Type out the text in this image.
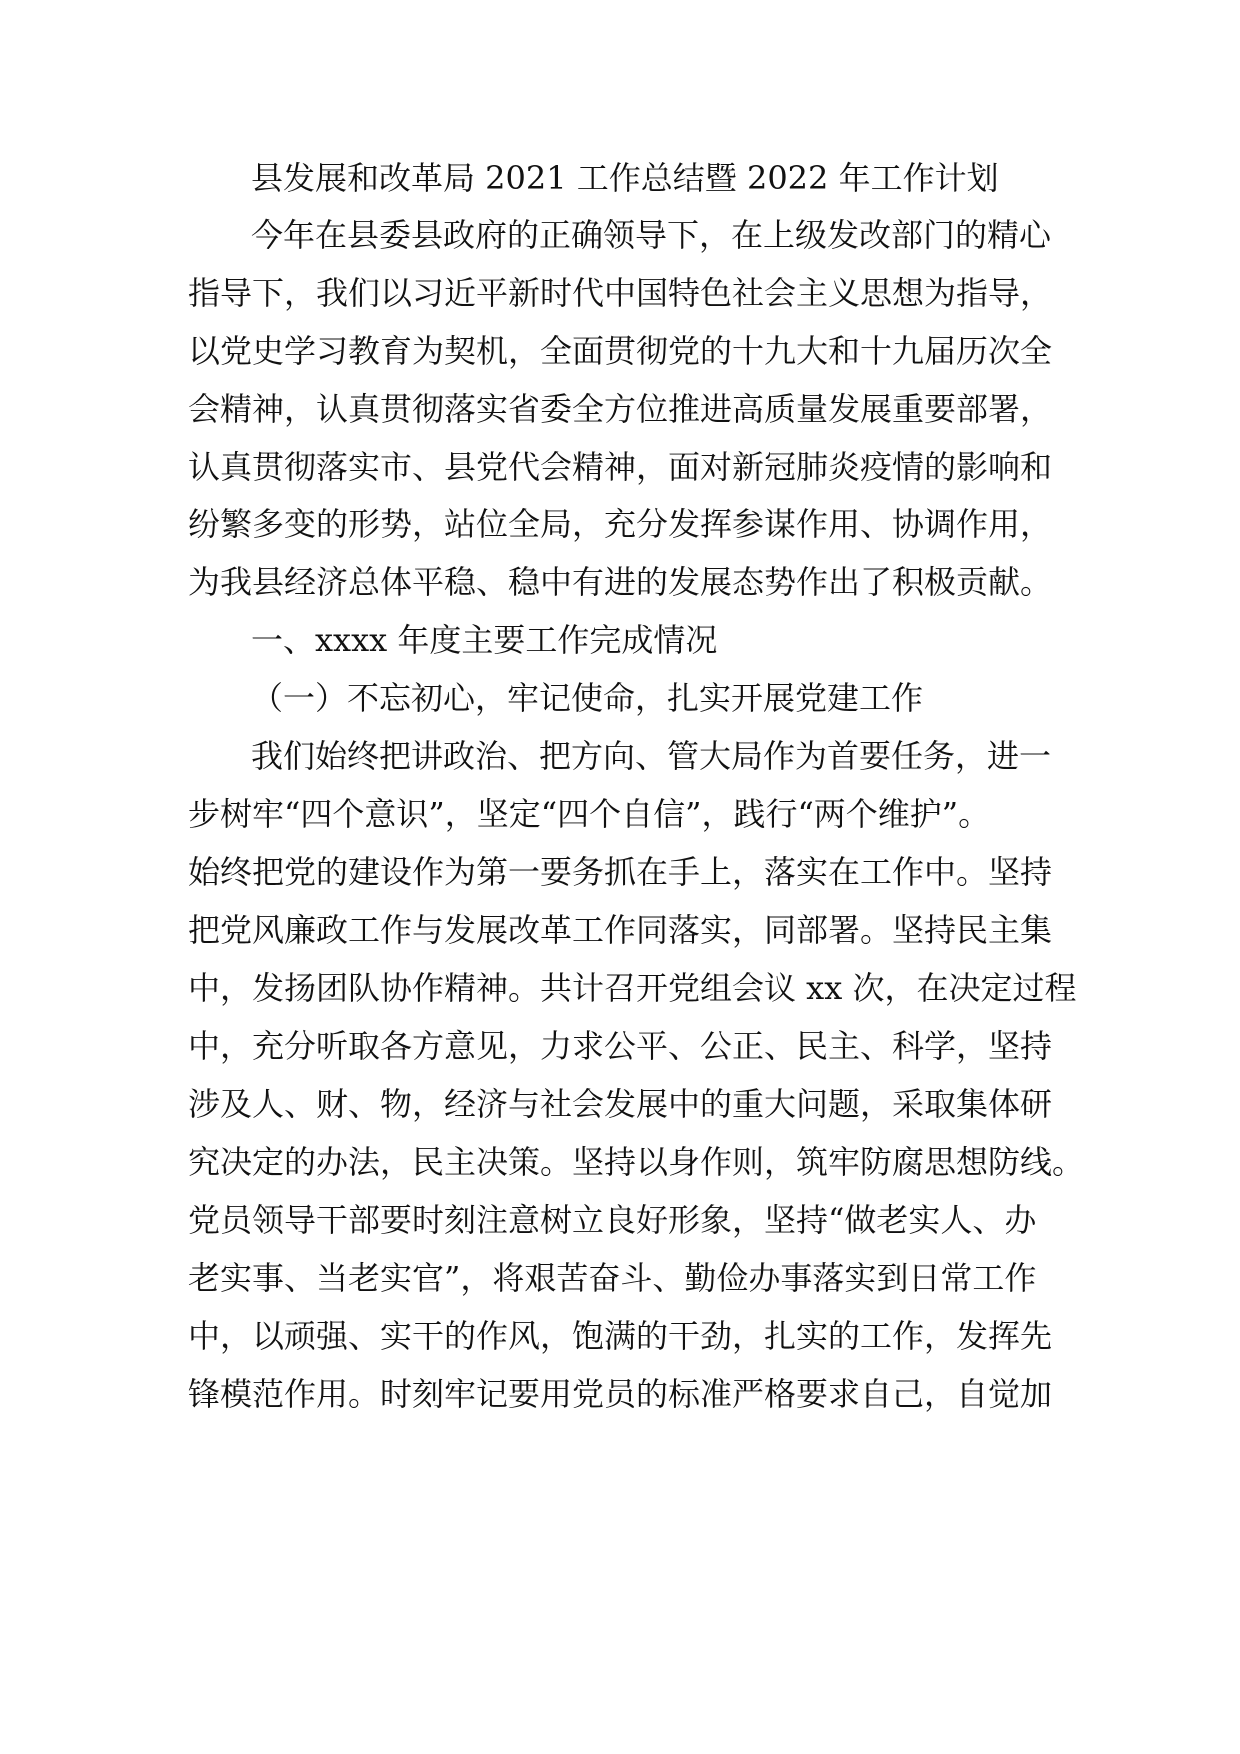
县发展和改革局 2021 工作总结暨 2022 年工作计划
今年在县委县政府的正确领导下，在上级发改部门的精心
指导下，我们以习近平新时代中国特色社会主义思想为指导，
以党史学习教育为契机，全面贯彻党的十九大和十九届历次全
会精神，认真贯彻落实省委全方位推进高质量发展重要部署，
认真贯彻落实市、县党代会精神，面对新冠肺炎疫情的影响和
纷繁多变的形势，站位全局，充分发挥参谋作用、协调作用，
为我县经济总体平稳、稳中有进的发展态势作出了积极贡献。
一、xxxx 年度主要工作完成情况
（一）不忘初心，牢记使命，扎实开展党建工作
我们始终把讲政治、把方向、管大局作为首要任务，进一
步树牢“四个意识”，坚定“四个自信”，践行“两个维护”。
始终把党的建设作为第一要务抓在手上，落实在工作中。坚持
把党风廉政工作与发展改革工作同落实，同部署。坚持民主集
中，发扬团队协作精神。共计召开党组会议 xx 次，在决定过程
中，充分听取各方意见，力求公平、公正、民主、科学，坚持
涉及人、财、物，经济与社会发展中的重大问题，采取集体研
究决定的办法，民主决策。坚持以身作则，筑牢防腐思想防线。
党员领导干部要时刻注意树立良好形象，坚持“做老实人、办
老实事、当老实官”，将艰苦奋斗、勤俭办事落实到日常工作
中，以顽强、实干的作风，饱满的干劲，扎实的工作，发挥先
锋模范作用。时刻牢记要用党员的标准严格要求自己，自觉加
